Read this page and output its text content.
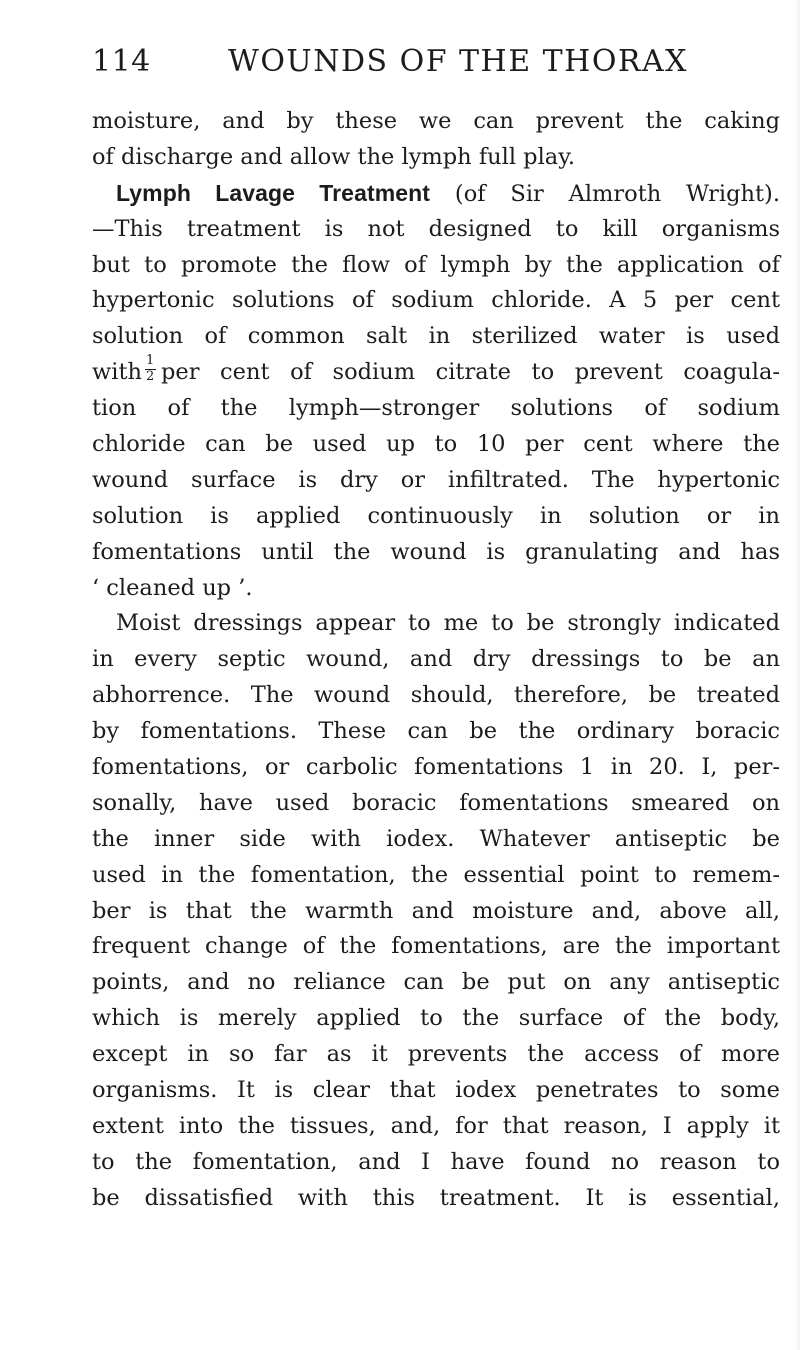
114	WOUNDS OF THE THORAX
moisture, and by these we can prevent the caking
of discharge and allow the lymph full play.
Lymph Lavage Treatment (of Sir Almroth Wright).
—This treatment is not designed to kill organisms
but to promote the flow of lymph by the application of
hypertonic solutions of sodium chloride. A 5 per cent
solution of common salt in sterilized water is used
with $\frac{1}{2}$ per cent of sodium citrate to prevent coagula-
tion of the lymph—stronger solutions of sodium
chloride can be used up to 10 per cent where the
wound surface is dry or infiltrated. The hypertonic
solution is applied continuously in solution or in
fomentations until the wound is granulating and has
‘ cleaned up ’.
Moist dressings appear to me to be strongly indicated
in every septic wound, and dry dressings to be an
abhorrence. The wound should, therefore, be treated
by fomentations. These can be the ordinary boracic
fomentations, or carbolic fomentations 1 in 20. I, per-
sonally, have used boracic fomentations smeared on
the inner side with iodex. Whatever antiseptic be
used in the fomentation, the essential point to remem-
ber is that the warmth and moisture and, above all,
frequent change of the fomentations, are the important
points, and no reliance can be put on any antiseptic
which is merely applied to the surface of the body,
except in so far as it prevents the access of more
organisms. It is clear that iodex penetrates to some
extent into the tissues, and, for that reason, I apply it
to the fomentation, and I have found no reason to
be dissatisfied with this treatment. It is essential,
